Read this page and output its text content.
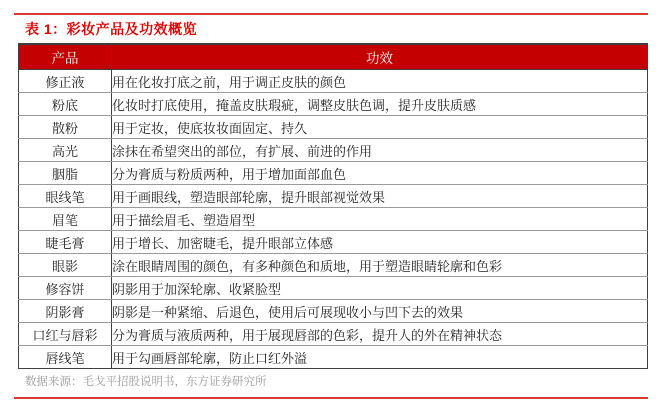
表 1：彩妆产品及功效概览
产品	功效
修正液	用在化妆打底之前，用于调正皮肤的颜色
粉底	化妆时打底使用，掩盖皮肤瑕疵，调整皮肤色调，提升皮肤质感
散粉	用于定妆，使底妆妆面固定、持久
高光	涂抹在希望突出的部位，有扩展、前进的作用
胭脂	分为膏质与粉质两种，用于增加面部血色
眼线笔	用于画眼线，塑造眼部轮廓，提升眼部视觉效果
眉笔	用于描绘眉毛、塑造眉型
睫毛膏	用于增长、加密睫毛，提升眼部立体感
眼影	涂在眼睛周围的颜色，有多种颜色和质地，用于塑造眼睛轮廓和色彩
修容饼	阴影用于加深轮廓、收紧脸型
阴影膏	阴影是一种紧缩、后退色，使用后可展现收小与凹下去的效果
口红与唇彩	分为膏质与液质两种，用于展现唇部的色彩，提升人的外在精神状态
唇线笔	用于勾画唇部轮廓，防止口红外溢
数据来源：毛戈平招股说明书，东方证券研究所
